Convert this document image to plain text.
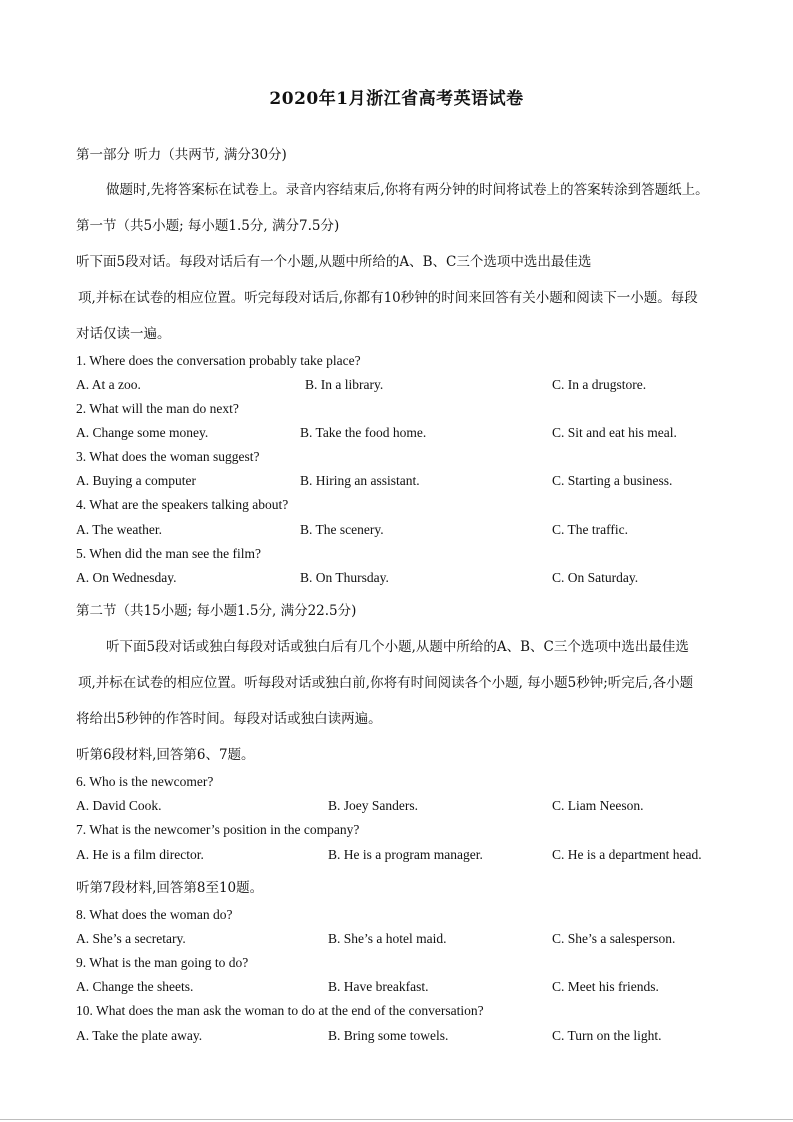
2020年1月浙江省高考英语试卷
第一部分 听力（共两节, 满分30分)
做题时,先将答案标在试卷上。录音内容结束后,你将有两分钟的时间将试卷上的答案转涂到答题纸上。
第一节（共5小题; 每小题1.5分, 满分7.5分)
听下面5段对话。每段对话后有一个小题,从题中所给的A、B、C三个选项中选出最佳选
项,并标在试卷的相应位置。听完每段对话后,你都有10秒钟的时间来回答有关小题和阅读下一小题。每段
对话仅读一遍。
1. Where does the conversation probably take place?
A. At a zoo.	B. In a library.	C. In a drugstore.
2. What will the man do next?
A. Change some money.	B. Take the food home.	C. Sit and eat his meal.
3. What does the woman suggest?
A. Buying a computer	B. Hiring an assistant.	C. Starting a business.
4. What are the speakers talking about?
A. The weather.	B. The scenery.	C. The traffic.
5. When did the man see the film?
A. On Wednesday.	B. On Thursday.	C. On Saturday.
第二节（共15小题; 每小题1.5分, 满分22.5分)
听下面5段对话或独白每段对话或独白后有几个小题,从题中所给的A、B、C三个选项中选出最佳选
项,并标在试卷的相应位置。听每段对话或独白前,你将有时间阅读各个小题, 每小题5秒钟;听完后,各小题
将给出5秒钟的作答时间。每段对话或独白读两遍。
听第6段材料,回答第6、7题。
6. Who is the newcomer?
A. David Cook.	B. Joey Sanders.	C. Liam Neeson.
7. What is the newcomer’s position in the company?
A. He is a film director.	B. He is a program manager.	C. He is a department head.
听第7段材料,回答第8至10题。
8. What does the woman do?
A. She’s a secretary.	B. She’s a hotel maid.	C. She’s a salesperson.
9. What is the man going to do?
A. Change the sheets.	B. Have breakfast.	C. Meet his friends.
10. What does the man ask the woman to do at the end of the conversation?
A. Take the plate away.	B. Bring some towels.	C. Turn on the light.
